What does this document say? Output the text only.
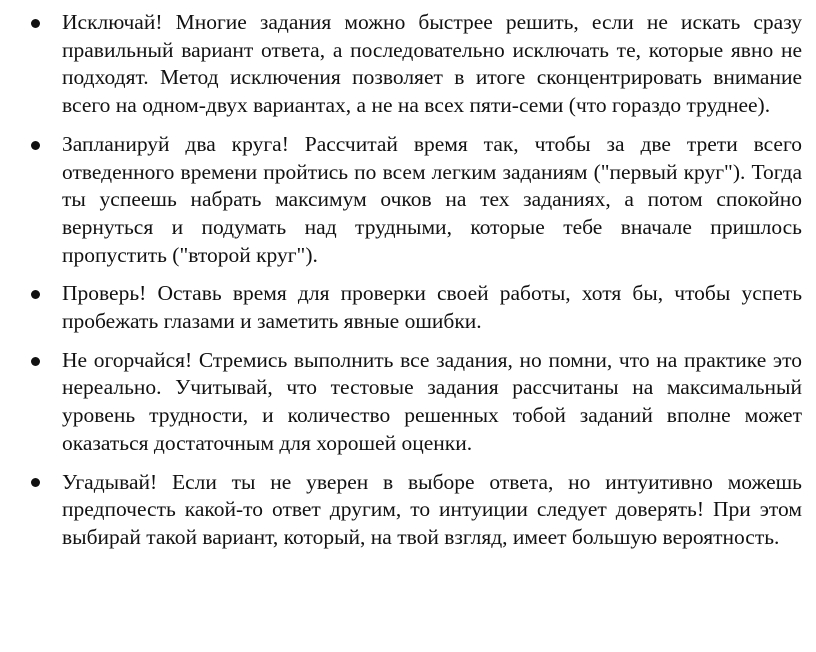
Исключай! Многие задания можно быстрее решить, если не искать сразу правильный вариант ответа, а последовательно исключать те, которые явно не подходят. Метод исключения позволяет в итоге сконцентрировать внимание всего на одном-двух вариантах, а не на всех пяти-семи (что гораздо труднее).
Запланируй два круга! Рассчитай время так, чтобы за две трети всего отведенного времени пройтись по всем легким заданиям ("первый круг"). Тогда ты успеешь набрать максимум очков на тех заданиях, а потом спокойно вернуться и подумать над трудными, которые тебе вначале пришлось пропустить ("второй круг").
Проверь! Оставь время для проверки своей работы, хотя бы, чтобы успеть пробежать глазами и заметить явные ошибки.
Не огорчайся! Стремись выполнить все задания, но помни, что на практике это нереально. Учитывай, что тестовые задания рассчитаны на максимальный уровень трудности, и количество решенных тобой заданий вполне может оказаться достаточным для хорошей оценки.
Угадывай! Если ты не уверен в выборе ответа, но интуитивно можешь предпочесть какой-то ответ другим, то интуиции следует доверять! При этом выбирай такой вариант, который, на твой взгляд, имеет большую вероятность.
